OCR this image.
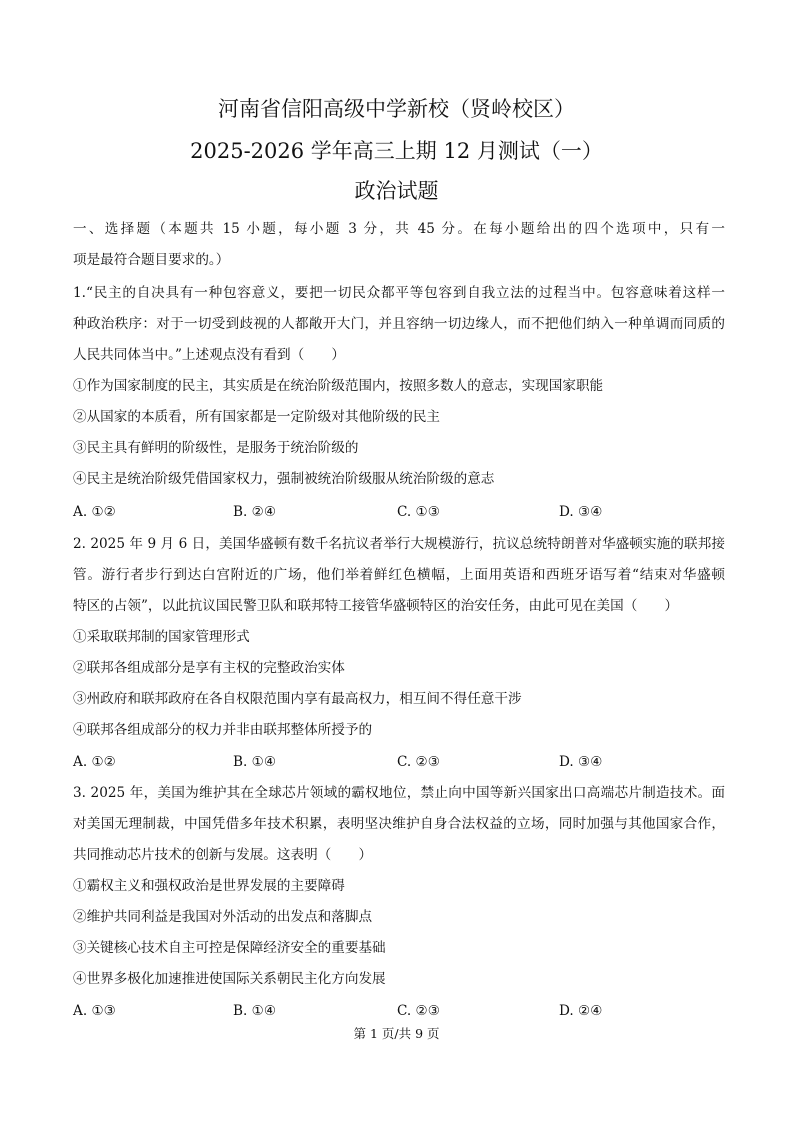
河南省信阳高级中学新校（贤岭校区）
2025-2026 学年高三上期 12 月测试（一）
政治试题
一、选择题（本题共 15 小题，每小题 3 分，共 45 分。在每小题给出的四个选项中，只有一
项是最符合题目要求的。）
1.“民主的自决具有一种包容意义，要把一切民众都平等包容到自我立法的过程当中。包容意味着这样一
种政治秩序：对于一切受到歧视的人都敞开大门，并且容纳一切边缘人，而不把他们纳入一种单调而同质的
人民共同体当中。”上述观点没有看到（　　）
①作为国家制度的民主，其实质是在统治阶级范围内，按照多数人的意志，实现国家职能
②从国家的本质看，所有国家都是一定阶级对其他阶级的民主
③民主具有鲜明的阶级性，是服务于统治阶级的
④民主是统治阶级凭借国家权力，强制被统治阶级服从统治阶级的意志
A. ①②	B. ②④	C. ①③	D. ③④
2. 2025 年 9 月 6 日，美国华盛顿有数千名抗议者举行大规模游行，抗议总统特朗普对华盛顿实施的联邦接
管。游行者步行到达白宫附近的广场，他们举着鲜红色横幅，上面用英语和西班牙语写着“结束对华盛顿
特区的占领”，以此抗议国民警卫队和联邦特工接管华盛顿特区的治安任务，由此可见在美国（　　）
①采取联邦制的国家管理形式
②联邦各组成部分是享有主权的完整政治实体
③州政府和联邦政府在各自权限范围内享有最高权力，相互间不得任意干涉
④联邦各组成部分的权力并非由联邦整体所授予的
A. ①②	B. ①④	C. ②③	D. ③④
3. 2025 年，美国为维护其在全球芯片领域的霸权地位，禁止向中国等新兴国家出口高端芯片制造技术。面
对美国无理制裁，中国凭借多年技术积累，表明坚决维护自身合法权益的立场，同时加强与其他国家合作，
共同推动芯片技术的创新与发展。这表明（　　）
①霸权主义和强权政治是世界发展的主要障碍
②维护共同利益是我国对外活动的出发点和落脚点
③关键核心技术自主可控是保障经济安全的重要基础
④世界多极化加速推进使国际关系朝民主化方向发展
A. ①③	B. ①④	C. ②③	D. ②④
第 1 页/共 9 页
